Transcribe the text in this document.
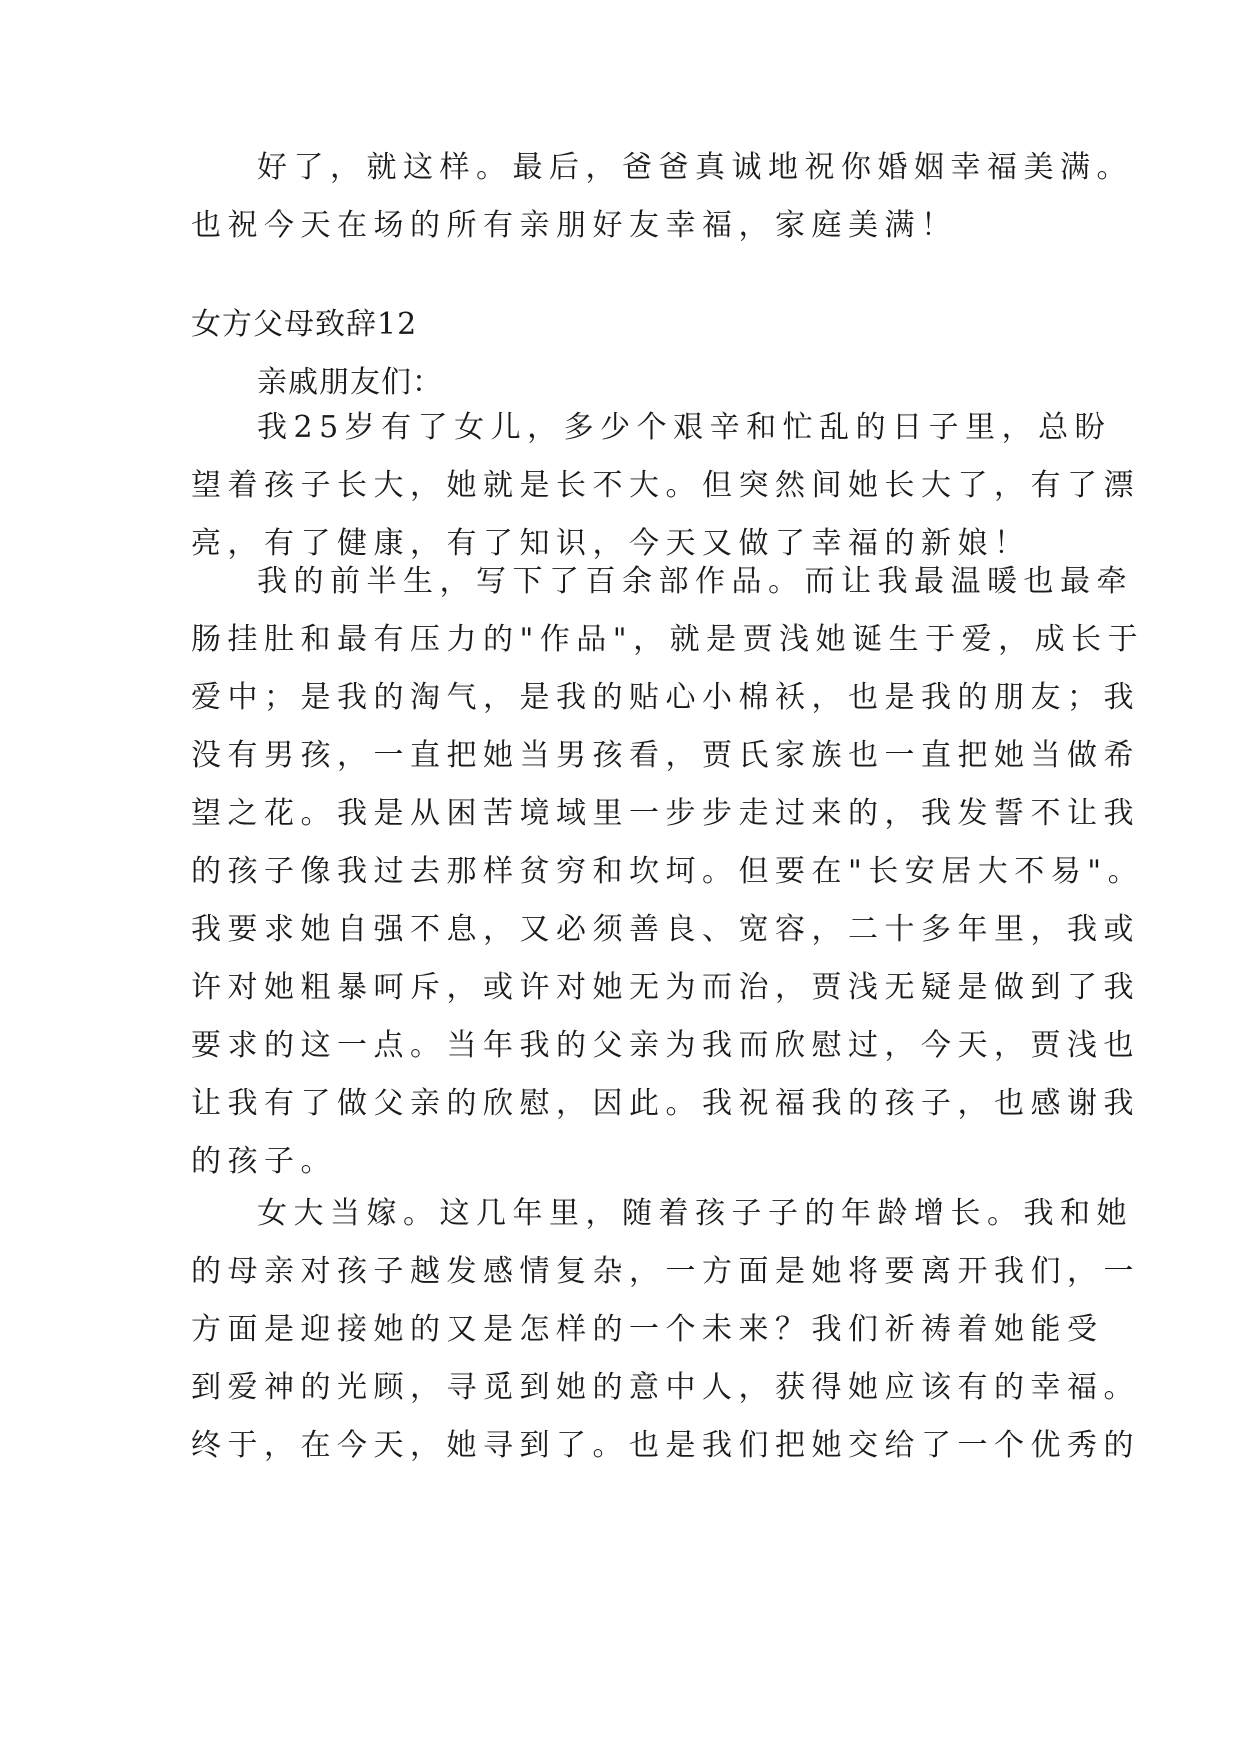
好了，就这样。最后，爸爸真诚地祝你婚姻幸福美满。
也祝今天在场的所有亲朋好友幸福，家庭美满！
女方父母致辞12
亲戚朋友们：
我25岁有了女儿，多少个艰辛和忙乱的日子里，总盼
望着孩子长大，她就是长不大。但突然间她长大了，有了漂
亮，有了健康，有了知识，今天又做了幸福的新娘！
我的前半生，写下了百余部作品。而让我最温暖也最牵
肠挂肚和最有压力的"作品"，就是贾浅她诞生于爱，成长于
爱中；是我的淘气，是我的贴心小棉袄，也是我的朋友；我
没有男孩，一直把她当男孩看，贾氏家族也一直把她当做希
望之花。我是从困苦境域里一步步走过来的，我发誓不让我
的孩子像我过去那样贫穷和坎坷。但要在"长安居大不易"。
我要求她自强不息，又必须善良、宽容，二十多年里，我或
许对她粗暴呵斥，或许对她无为而治，贾浅无疑是做到了我
要求的这一点。当年我的父亲为我而欣慰过，今天，贾浅也
让我有了做父亲的欣慰，因此。我祝福我的孩子，也感谢我
的孩子。
女大当嫁。这几年里，随着孩子子的年龄增长。我和她
的母亲对孩子越发感情复杂，一方面是她将要离开我们，一
方面是迎接她的又是怎样的一个未来？我们祈祷着她能受
到爱神的光顾，寻觅到她的意中人，获得她应该有的幸福。
终于，在今天，她寻到了。也是我们把她交给了一个优秀的
